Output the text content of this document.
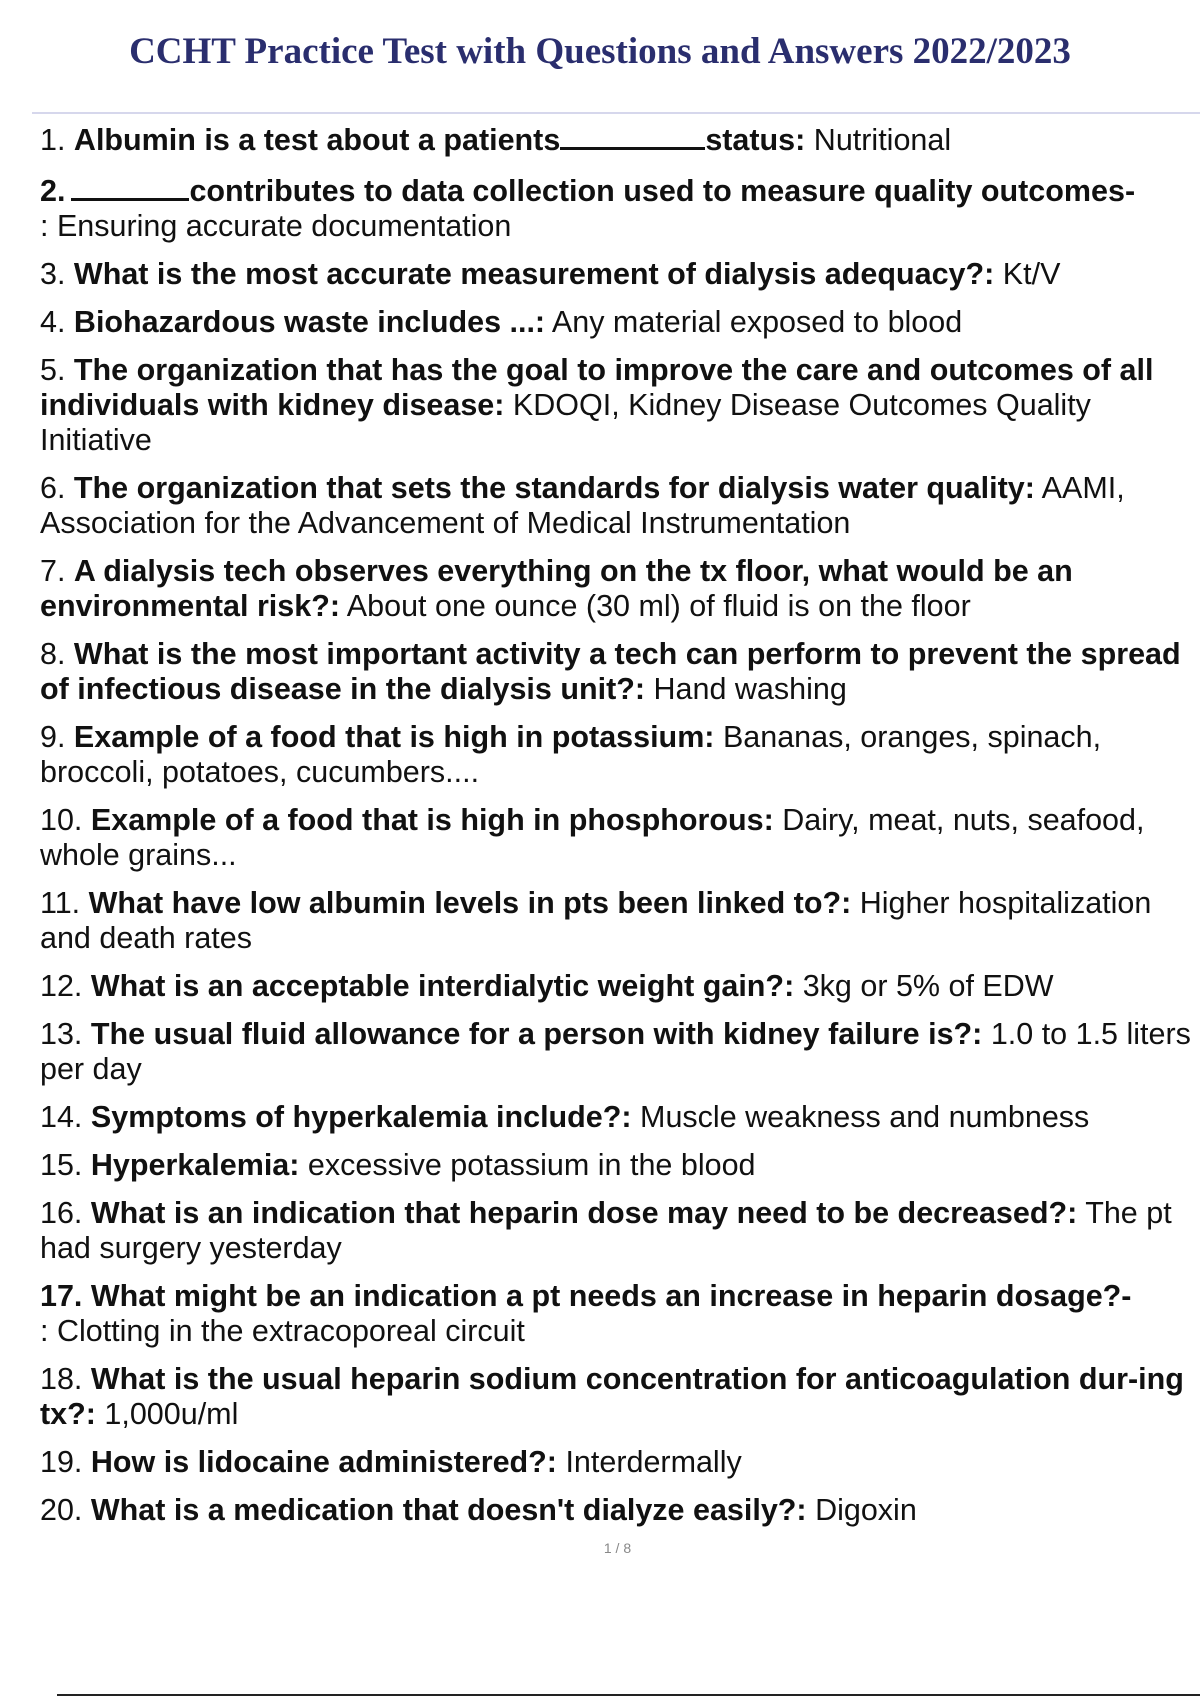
CCHT Practice Test with Questions and Answers 2022/2023
1. Albumin is a test about a patients	status: Nutritional
2.	contributes to data collection used to measure quality outcomes-
: Ensuring accurate documentation
3. What is the most accurate measurement of dialysis adequacy?: Kt/V
4. Biohazardous waste includes ...: Any material exposed to blood
5. The organization that has the goal to improve the care and outcomes of all individuals with kidney disease: KDOQI, Kidney Disease Outcomes Quality Initiative
6. The organization that sets the standards for dialysis water quality: AAMI, Association for the Advancement of Medical Instrumentation
7. A dialysis tech observes everything on the tx floor, what would be an environmental risk?: About one ounce (30 ml) of fluid is on the floor
8. What is the most important activity a tech can perform to prevent the spread of infectious disease in the dialysis unit?: Hand washing
9. Example of a food that is high in potassium: Bananas, oranges, spinach, broccoli, potatoes, cucumbers....
10. Example of a food that is high in phosphorous: Dairy, meat, nuts, seafood, whole grains...
11. What have low albumin levels in pts been linked to?: Higher hospitalization and death rates
12. What is an acceptable interdialytic weight gain?: 3kg or 5% of EDW
13. The usual fluid allowance for a person with kidney failure is?: 1.0 to 1.5 liters per day
14. Symptoms of hyperkalemia include?: Muscle weakness and numbness
15. Hyperkalemia: excessive potassium in the blood
16. What is an indication that heparin dose may need to be decreased?: The pt had surgery yesterday
17. What might be an indication a pt needs an increase in heparin dosage?-
: Clotting in the extracoporeal circuit
18. What is the usual heparin sodium concentration for anticoagulation dur-ing tx?: 1,000u/ml
19. How is lidocaine administered?: Interdermally
20. What is a medication that doesn't dialyze easily?: Digoxin
1 / 8
